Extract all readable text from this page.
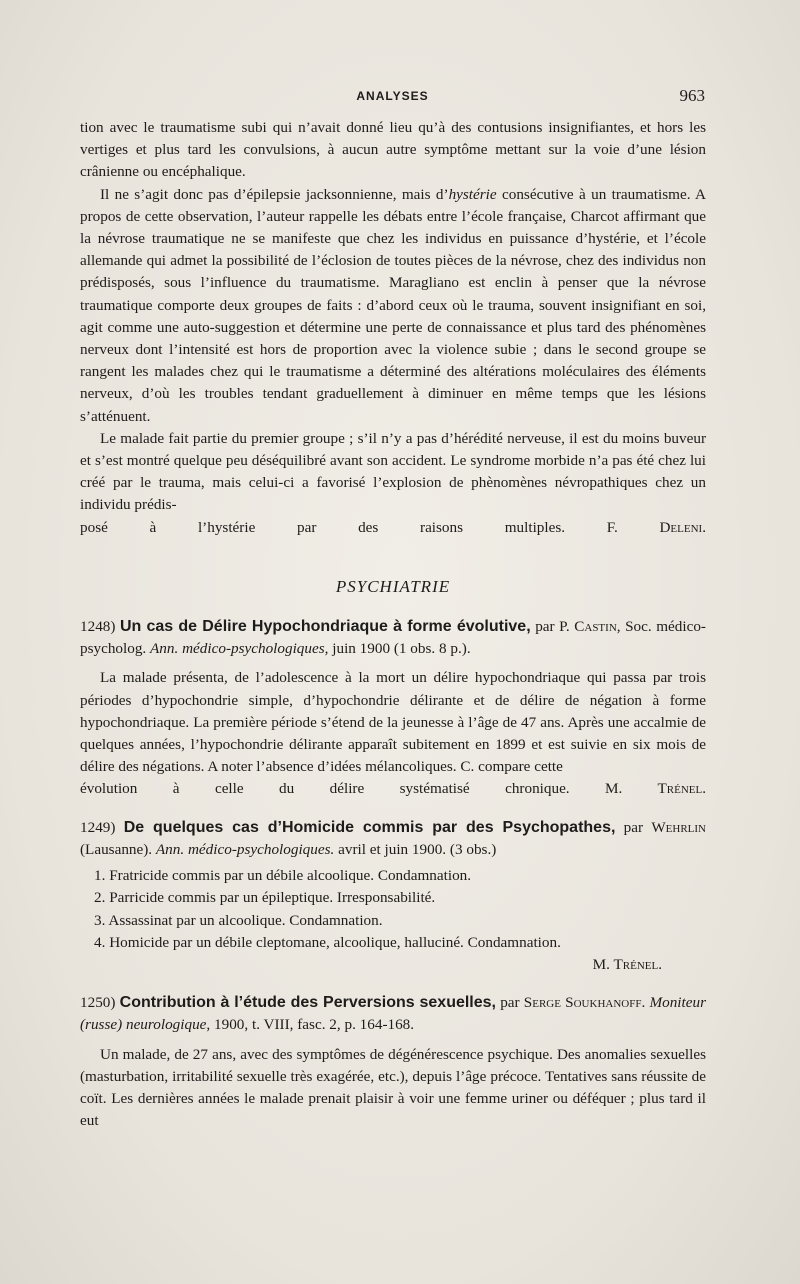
ANALYSES	963

tion avec le traumatisme subi qui n’avait donné lieu qu’à des contusions insignifiantes, et hors les vertiges et plus tard les convulsions, à aucun autre symptôme mettant sur la voie d’une lésion crânienne ou encéphalique.

Il ne s’agit donc pas d’épilepsie jacksonnienne, mais d’hystérie consécutive à un traumatisme. A propos de cette observation, l’auteur rappelle les débats entre l’école française, Charcot affirmant que la névrose traumatique ne se manifeste que chez les individus en puissance d’hystérie, et l’école allemande qui admet la possibilité de l’éclosion de toutes pièces de la névrose, chez des individus non prédisposés, sous l’influence du traumatisme. Maragliano est enclin à penser que la névrose traumatique comporte deux groupes de faits : d’abord ceux où le trauma, souvent insignifiant en soi, agit comme une auto-suggestion et détermine une perte de connaissance et plus tard des phénomènes nerveux dont l’intensité est hors de proportion avec la violence subie ; dans le second groupe se rangent les malades chez qui le traumatisme a déterminé des altérations moléculaires des éléments nerveux, d’où les troubles tendant graduellement à diminuer en même temps que les lésions s’atténuent.

Le malade fait partie du premier groupe ; s’il n’y a pas d’hérédité nerveuse, il est du moins buveur et s’est montré quelque peu déséquilibré avant son accident. Le syndrome morbide n’a pas été chez lui créé par le trauma, mais celui-ci a favorisé l’explosion de phènomènes névropathiques chez un individu prédis-

posé à l’hystérie par des raisons multiples.	F. Deleni.

PSYCHIATRIE

1248) Un cas de Délire Hypochondriaque à forme évolutive, par P. Castin, Soc. médico-psycholog. Ann. médico-psychologiques, juin 1900 (1 obs. 8 p.).

La malade présenta, de l’adolescence à la mort un délire hypochondriaque qui passa par trois périodes d’hypochondrie simple, d’hypochondrie délirante et de délire de négation à forme hypochondriaque. La première période s’étend de la jeunesse à l’âge de 47 ans. Après une accalmie de quelques années, l’hypochondrie délirante apparaît subitement en 1899 et est suivie en six mois de délire des négations. A noter l’absence d’idées mélancoliques. C. compare cette

évolution à celle du délire systématisé chronique. M. Trénel.

1249) De quelques cas d’Homicide commis par des Psychopathes, par Wehrlin (Lausanne). Ann. médico-psychologiques. avril et juin 1900. (3 obs.)

1. Fratricide commis par un débile alcoolique. Condamnation.
2. Parricide commis par un épileptique. Irresponsabilité.
3. Assassinat par un alcoolique. Condamnation.
4. Homicide par un débile cleptomane, alcoolique, halluciné. Condamnation.

M. Trénel.

1250) Contribution à l’étude des Perversions sexuelles, par Serge Soukhanoff. Moniteur (russe) neurologique, 1900, t. VIII, fasc. 2, p. 164-168.

Un malade, de 27 ans, avec des symptômes de dégénérescence psychique. Des anomalies sexuelles (masturbation, irritabilité sexuelle très exagérée, etc.), depuis l’âge précoce. Tentatives sans réussite de coït. Les dernières années le malade prenait plaisir à voir une femme uriner ou déféquer ; plus tard il eut
